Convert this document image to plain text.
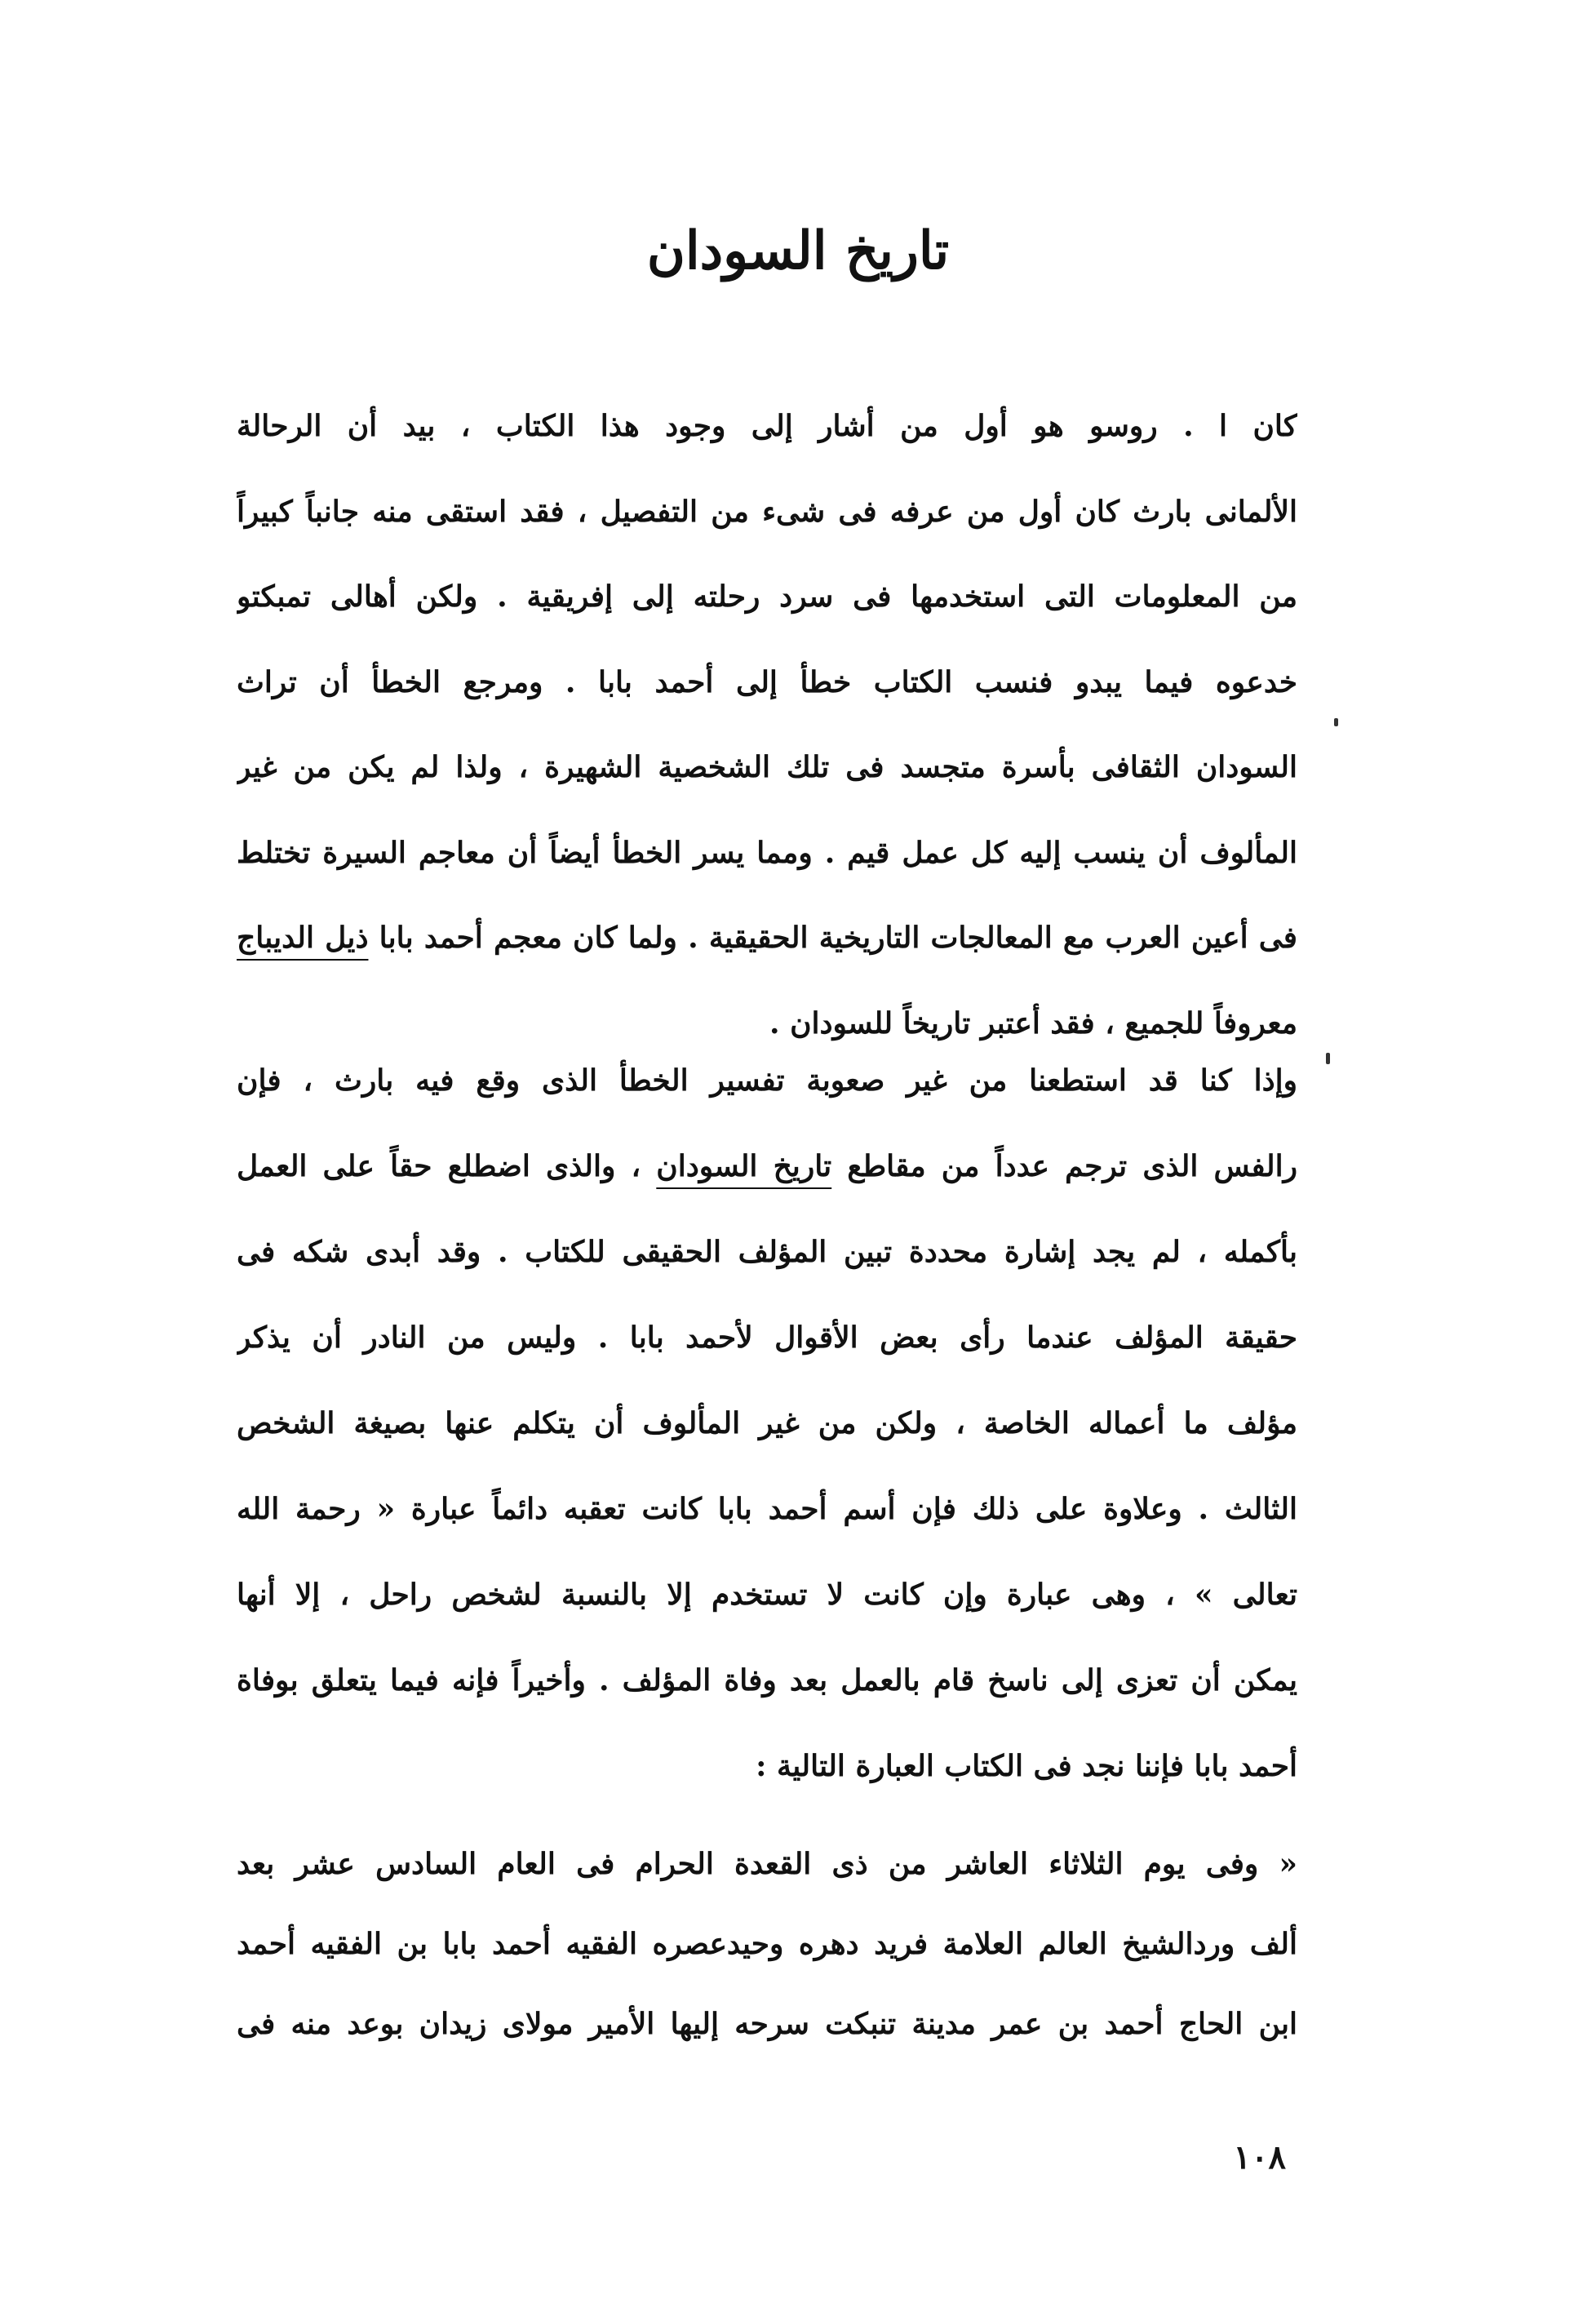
تاريخ السودان
كان ا . روسو هو أول من أشار إلى وجود هذا الكتاب ، بيد أن الرحالة
الألمانى بارث كان أول من عرفه فى شىء من التفصيل ، فقد استقى منه جانباً كبيراً
من المعلومات التى استخدمها فى سرد رحلته إلى إفريقية . ولكن أهالى تمبكتو
خدعوه فيما يبدو فنسب الكتاب خطأ إلى أحمد بابا . ومرجع الخطأ أن تراث
السودان الثقافى بأسرة متجسد فى تلك الشخصية الشهيرة ، ولذا لم يكن من غير
المألوف أن ينسب إليه كل عمل قيم . ومما يسر الخطأ أيضاً أن معاجم السيرة تختلط
فى أعين العرب مع المعالجات التاريخية الحقيقية . ولما كان معجم أحمد بابا ذيل الديباج
معروفاً للجميع ، فقد أعتبر تاريخاً للسودان .
وإذا كنا قد استطعنا من غير صعوبة تفسير الخطأ الذى وقع فيه بارث ، فإن
رالفس الذى ترجم عدداً من مقاطع تاريخ السودان ، والذى اضطلع حقاً على العمل
بأكمله ، لم يجد إشارة محددة تبين المؤلف الحقيقى للكتاب . وقد أبدى شكه فى
حقيقة المؤلف عندما رأى بعض الأقوال لأحمد بابا . وليس من النادر أن يذكر
مؤلف ما أعماله الخاصة ، ولكن من غير المألوف أن يتكلم عنها بصيغة الشخص
الثالث . وعلاوة على ذلك فإن أسم أحمد بابا كانت تعقبه دائماً عبارة « رحمة الله
تعالى » ، وهى عبارة وإن كانت لا تستخدم إلا بالنسبة لشخص راحل ، إلا أنها
يمكن أن تعزى إلى ناسخ قام بالعمل بعد وفاة المؤلف . وأخيراً فإنه فيما يتعلق بوفاة
أحمد بابا فإننا نجد فى الكتاب العبارة التالية :
« وفى يوم الثلاثاء العاشر من ذى القعدة الحرام فى العام السادس عشر بعد
ألف وردالشيخ العالم العلامة فريد دهره وحيدعصره الفقيه أحمد بابا بن الفقيه أحمد
ابن الحاج أحمد بن عمر مدينة تنبكت سرحه إليها الأمير مولاى زيدان بوعد منه فى
١٠٨
